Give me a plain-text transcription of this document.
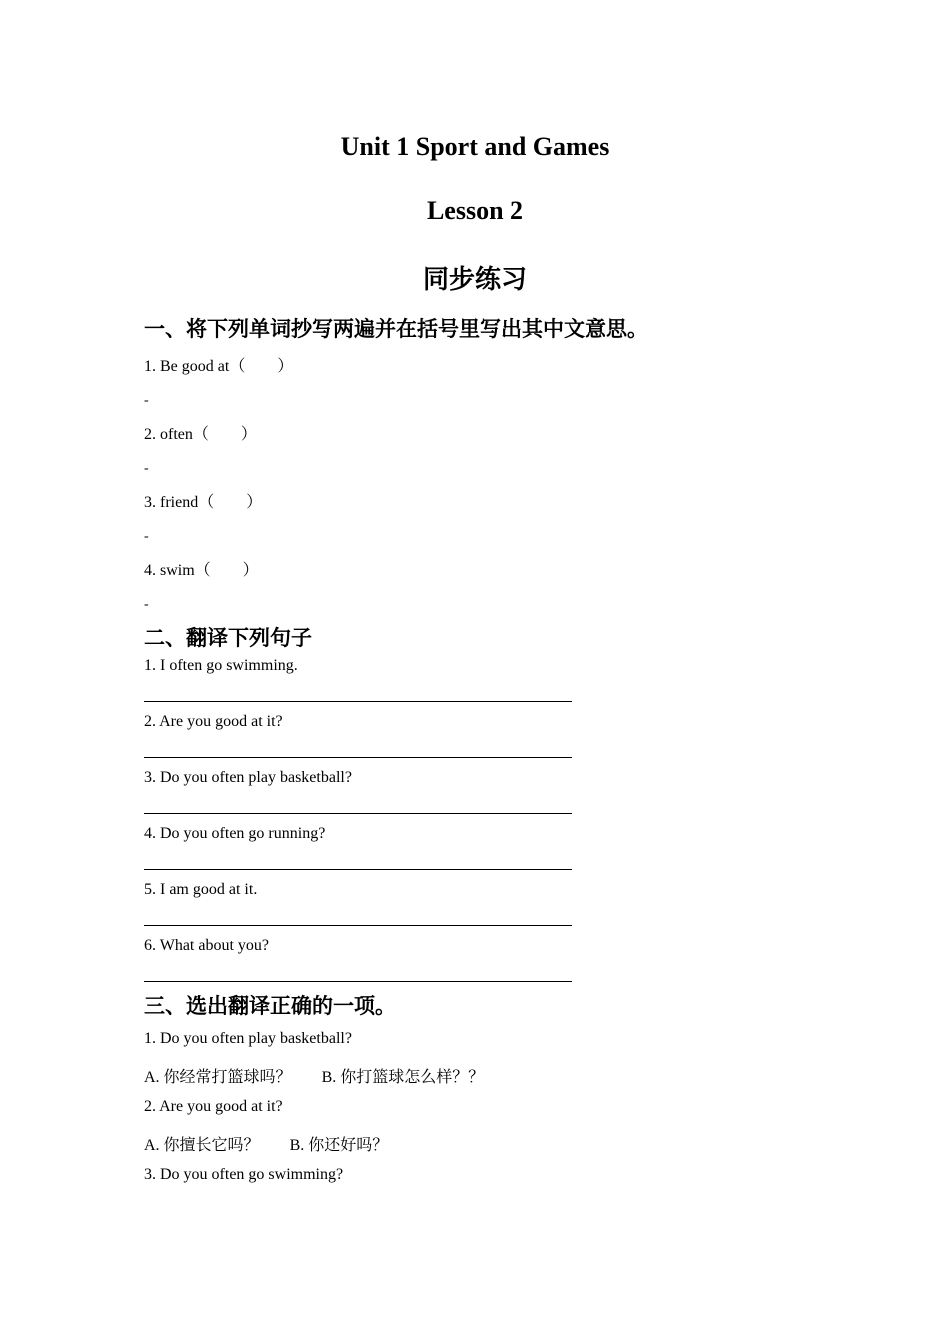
Unit 1 Sport and Games
Lesson 2
同步练习
一、将下列单词抄写两遍并在括号里写出其中文意思。
1. Be good at（　　）
-
2. often（　　）
-
3. friend（　　）
-
4. swim（　　）
-
二、翻译下列句子
1. I often go swimming.
2. Are you good at it?
3. Do you often play basketball?
4. Do you often go running?
5. I am good at it.
6. What about you?
三、选出翻译正确的一项。
1. Do you often play basketball?
A. 你经常打篮球吗？ B. 你打篮球怎么样？？
2. Are you good at it?
A. 你擅长它吗？ B. 你还好吗？
3. Do you often go swimming?
